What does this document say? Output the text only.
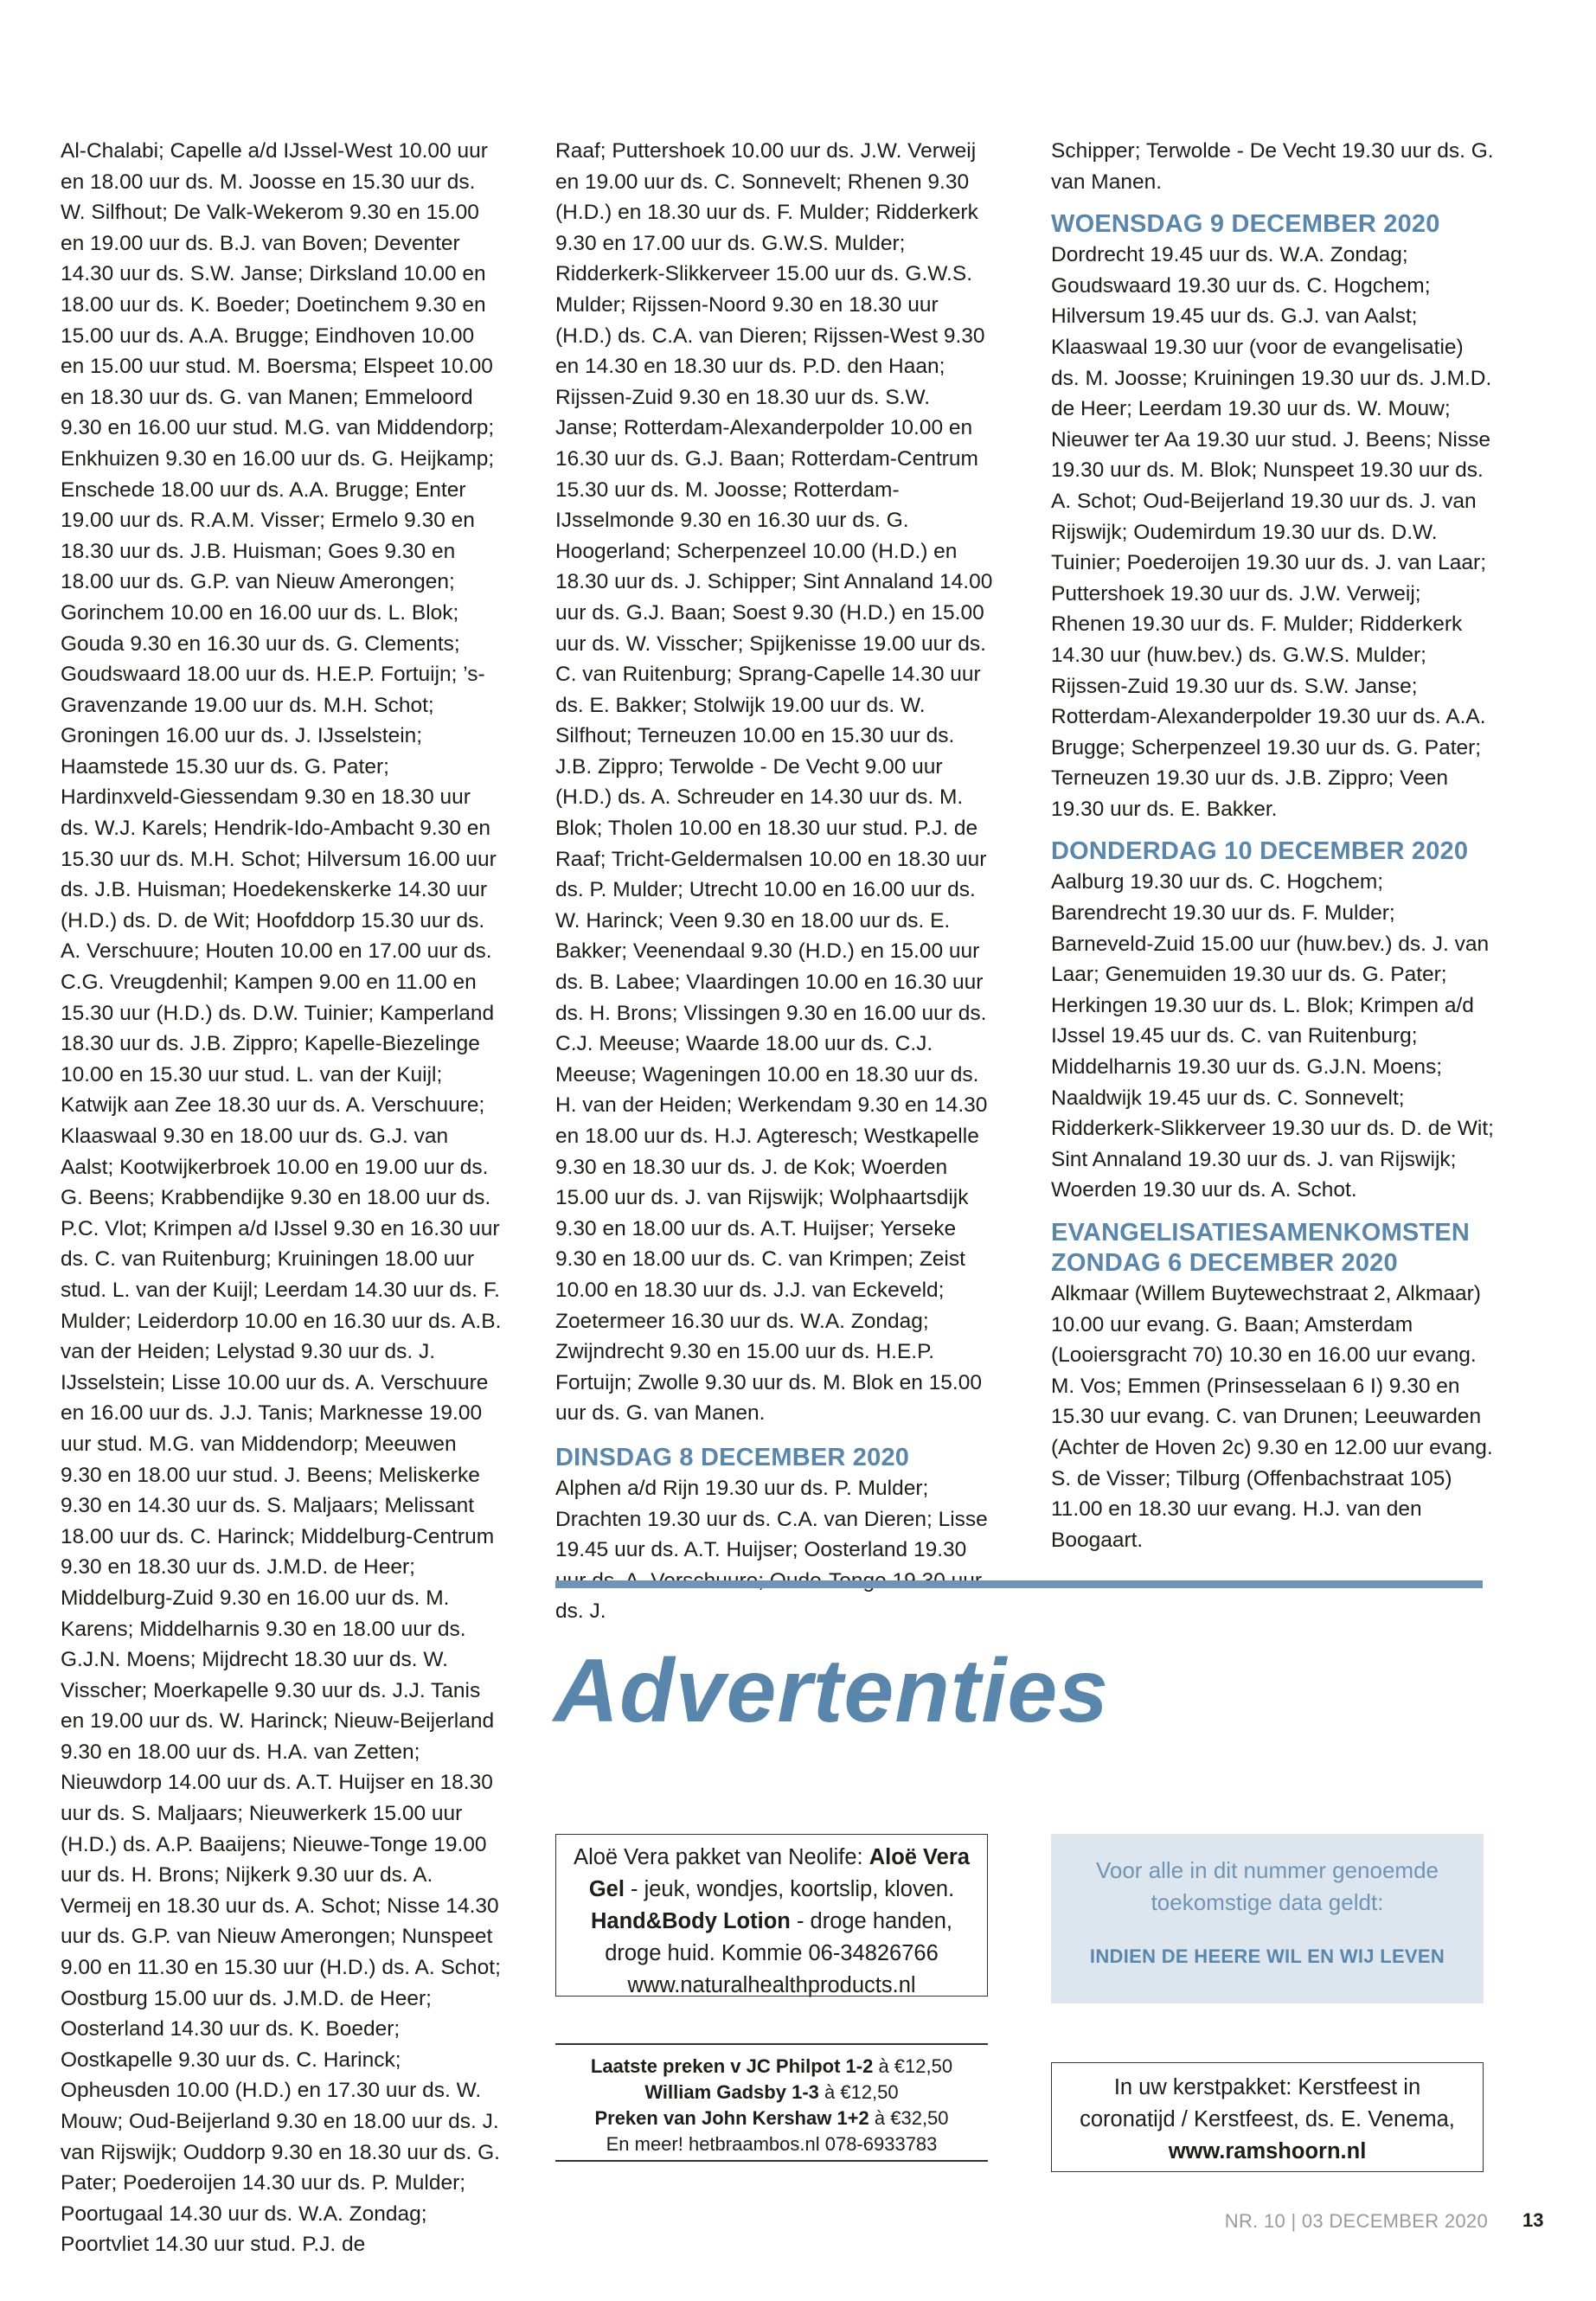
Al-Chalabi; Capelle a/d IJssel-West 10.00 uur en 18.00 uur ds. M. Joosse en 15.30 uur ds. W. Silfhout; De Valk-Wekerom 9.30 en 15.00 en 19.00 uur ds. B.J. van Boven; Deventer 14.30 uur ds. S.W. Janse; Dirksland 10.00 en 18.00 uur ds. K. Boeder; Doetinchem 9.30 en 15.00 uur ds. A.A. Brugge; Eindhoven 10.00 en 15.00 uur stud. M. Boersma; Elspeet 10.00 en 18.30 uur ds. G. van Manen; Emmeloord 9.30 en 16.00 uur stud. M.G. van Middendorp; Enkhuizen 9.30 en 16.00 uur ds. G. Heijkamp; Enschede 18.00 uur ds. A.A. Brugge; Enter 19.00 uur ds. R.A.M. Visser; Ermelo 9.30 en 18.30 uur ds. J.B. Huisman; Goes 9.30 en 18.00 uur ds. G.P. van Nieuw Amerongen; Gorinchem 10.00 en 16.00 uur ds. L. Blok; Gouda 9.30 en 16.30 uur ds. G. Clements; Goudswaard 18.00 uur ds. H.E.P. Fortuijn; ’s-Gravenzande 19.00 uur ds. M.H. Schot; Groningen 16.00 uur ds. J. IJsselstein; Haamstede 15.30 uur ds. G. Pater; Hardinxveld-Giessendam 9.30 en 18.30 uur ds. W.J. Karels; Hendrik-Ido-Ambacht 9.30 en 15.30 uur ds. M.H. Schot; Hilversum 16.00 uur ds. J.B. Huisman; Hoedekenskerke 14.30 uur (H.D.) ds. D. de Wit; Hoofddorp 15.30 uur ds. A. Verschuure; Houten 10.00 en 17.00 uur ds. C.G. Vreugdenhil; Kampen 9.00 en 11.00 en 15.30 uur (H.D.) ds. D.W. Tuinier; Kamperland 18.30 uur ds. J.B. Zippro; Kapelle-Biezelinge 10.00 en 15.30 uur stud. L. van der Kuijl; Katwijk aan Zee 18.30 uur ds. A. Verschuure; Klaaswaal 9.30 en 18.00 uur ds. G.J. van Aalst; Kootwijkerbroek 10.00 en 19.00 uur ds. G. Beens; Krabbendijke 9.30 en 18.00 uur ds. P.C. Vlot; Krimpen a/d IJssel 9.30 en 16.30 uur ds. C. van Ruitenburg; Kruiningen 18.00 uur stud. L. van der Kuijl; Leerdam 14.30 uur ds. F. Mulder; Leiderdorp 10.00 en 16.30 uur ds. A.B. van der Heiden; Lelystad 9.30 uur ds. J. IJsselstein; Lisse 10.00 uur ds. A. Verschuure en 16.00 uur ds. J.J. Tanis; Marknesse 19.00 uur stud. M.G. van Middendorp; Meeuwen 9.30 en 18.00 uur stud. J. Beens; Meliskerke 9.30 en 14.30 uur ds. S. Maljaars; Melissant 18.00 uur ds. C. Harinck; Middelburg-Centrum 9.30 en 18.30 uur ds. J.M.D. de Heer; Middelburg-Zuid 9.30 en 16.00 uur ds. M. Karens; Middelharnis 9.30 en 18.00 uur ds. G.J.N. Moens; Mijdrecht 18.30 uur ds. W. Visscher; Moerkapelle 9.30 uur ds. J.J. Tanis en 19.00 uur ds. W. Harinck; Nieuw-Beijerland 9.30 en 18.00 uur ds. H.A. van Zetten; Nieuwdorp 14.00 uur ds. A.T. Huijser en 18.30 uur ds. S. Maljaars; Nieuwerkerk 15.00 uur (H.D.) ds. A.P. Baaijens; Nieuwe-Tonge 19.00 uur ds. H. Brons; Nijkerk 9.30 uur ds. A. Vermeij en 18.30 uur ds. A. Schot; Nisse 14.30 uur ds. G.P. van Nieuw Amerongen; Nunspeet 9.00 en 11.30 en 15.30 uur (H.D.) ds. A. Schot; Oostburg 15.00 uur ds. J.M.D. de Heer; Oosterland 14.30 uur ds. K. Boeder; Oostkapelle 9.30 uur ds. C. Harinck; Opheusden 10.00 (H.D.) en 17.30 uur ds. W. Mouw; Oud-Beijerland 9.30 en 18.00 uur ds. J. van Rijswijk; Ouddorp 9.30 en 18.30 uur ds. G. Pater; Poederoijen 14.30 uur ds. P. Mulder; Poortugaal 14.30 uur ds. W.A. Zondag; Poortvliet 14.30 uur stud. P.J. de

Raaf; Puttershoek 10.00 uur ds. J.W. Verweij en 19.00 uur ds. C. Sonnevelt; Rhenen 9.30 (H.D.) en 18.30 uur ds. F. Mulder; Ridderkerk 9.30 en 17.00 uur ds. G.W.S. Mulder; Ridderkerk-Slikkerveer 15.00 uur ds. G.W.S. Mulder; Rijssen-Noord 9.30 en 18.30 uur (H.D.) ds. C.A. van Dieren; Rijssen-West 9.30 en 14.30 en 18.30 uur ds. P.D. den Haan; Rijssen-Zuid 9.30 en 18.30 uur ds. S.W. Janse; Rotterdam-Alexanderpolder 10.00 en 16.30 uur ds. G.J. Baan; Rotterdam-Centrum 15.30 uur ds. M. Joosse; Rotterdam-IJsselmonde 9.30 en 16.30 uur ds. G. Hoogerland; Scherpenzeel 10.00 (H.D.) en 18.30 uur ds. J. Schipper; Sint Annaland 14.00 uur ds. G.J. Baan; Soest 9.30 (H.D.) en 15.00 uur ds. W. Visscher; Spijkenisse 19.00 uur ds. C. van Ruitenburg; Sprang-Capelle 14.30 uur ds. E. Bakker; Stolwijk 19.00 uur ds. W. Silfhout; Terneuzen 10.00 en 15.30 uur ds. J.B. Zippro; Terwolde - De Vecht 9.00 uur (H.D.) ds. A. Schreuder en 14.30 uur ds. M. Blok; Tholen 10.00 en 18.30 uur stud. P.J. de Raaf; Tricht-Geldermalsen 10.00 en 18.30 uur ds. P. Mulder; Utrecht 10.00 en 16.00 uur ds. W. Harinck; Veen 9.30 en 18.00 uur ds. E. Bakker; Veenendaal 9.30 (H.D.) en 15.00 uur ds. B. Labee; Vlaardingen 10.00 en 16.30 uur ds. H. Brons; Vlissingen 9.30 en 16.00 uur ds. C.J. Meeuse; Waarde 18.00 uur ds. C.J. Meeuse; Wageningen 10.00 en 18.30 uur ds. H. van der Heiden; Werkendam 9.30 en 14.30 en 18.00 uur ds. H.J. Agteresch; Westkapelle 9.30 en 18.30 uur ds. J. de Kok; Woerden 15.00 uur ds. J. van Rijswijk; Wolphaartsdijk 9.30 en 18.00 uur ds. A.T. Huijser; Yerseke 9.30 en 18.00 uur ds. C. van Krimpen; Zeist 10.00 en 18.30 uur ds. J.J. van Eckeveld; Zoetermeer 16.30 uur ds. W.A. Zondag; Zwijndrecht 9.30 en 15.00 uur ds. H.E.P. Fortuijn; Zwolle 9.30 uur ds. M. Blok en 15.00 uur ds. G. van Manen.

DINSDAG 8 DECEMBER 2020

Alphen a/d Rijn 19.30 uur ds. P. Mulder; Drachten 19.30 uur ds. C.A. van Dieren; Lisse 19.45 uur ds. A.T. Huijser; Oosterland 19.30 ds. J.

Schipper; Terwolde - De Vecht 19.30 uur ds. G. van Manen.

WOENSDAG 9 DECEMBER 2020

Dordrecht 19.45 uur ds. W.A. Zondag; Goudswaard 19.30 uur ds. C. Hogchem; Hilversum 19.45 uur ds. G.J. van Aalst; Klaaswaal 19.30 uur (voor de evangelisatie) ds. M. Joosse; Kruiningen 19.30 uur ds. J.M.D. de Heer; Leerdam 19.30 uur ds. W. Mouw; Nieuwer ter Aa 19.30 uur stud. J. Beens; Nisse 19.30 uur ds. M. Blok; Nunspeet 19.30 uur ds. A. Schot; Oud-Beijerland 19.30 uur ds. J. van Rijswijk; Oudemirdum 19.30 uur ds. D.W. Tuinier; Poederoijen 19.30 uur ds. J. van Laar; Puttershoek 19.30 uur ds. J.W. Verweij; Rhenen 19.30 uur ds. F. Mulder; Ridderkerk 14.30 uur (huw.bev.) ds. G.W.S. Mulder; Rijssen-Zuid 19.30 uur ds. S.W. Janse; Rotterdam-Alexanderpolder 19.30 uur ds. A.A. Brugge; Scherpenzeel 19.30 uur ds. G. Pater; Terneuzen 19.30 uur ds. J.B. Zippro; Veen 19.30 uur ds. E. Bakker.

DONDERDAG 10 DECEMBER 2020

Aalburg 19.30 uur ds. C. Hogchem; Barendrecht 19.30 uur ds. F. Mulder; Barneveld-Zuid 15.00 uur (huw.bev.) ds. J. van Laar; Genemuiden 19.30 uur ds. G. Pater; Herkingen 19.30 uur ds. L. Blok; Krimpen a/d IJssel 19.45 uur ds. C. van Ruitenburg; Middelharnis 19.30 uur ds. G.J.N. Moens; Naaldwijk 19.45 uur ds. C. Sonnevelt; Ridderkerk-Slikkerveer 19.30 uur ds. D. de Wit; Sint Annaland 19.30 uur ds. J. van Rijswijk; Woerden 19.30 uur ds. A. Schot.

EVANGELISATIESAMENKOMSTEN
ZONDAG 6 DECEMBER 2020

Alkmaar (Willem Buytewechstraat 2, Alkmaar) 10.00 uur evang. G. Baan; Amsterdam (Looiersgracht 70) 10.30 en 16.00 uur evang. M. Vos; Emmen (Prinsesselaan 6 I) 9.30 en 15.30 uur evang. C. van Drunen; Leeuwarden (Achter de Hoven 2c) 9.30 en 12.00 uur evang. S. de Visser; Tilburg (Offenbachstraat 105) 11.00 en 18.30 uur evang. H.J. van den Boogaart.

Advertenties
Aloë Vera pakket van Neolife: Aloë Vera
Gel - jeuk, wondjes, koortslip, kloven.
Hand&Body Lotion - droge handen,
droge huid. Kommie 06-34826766
www.naturalhealthproducts.nl
Laatste preken v JC Philpot 1-2 à €12,50
William Gadsby 1-3 à €12,50
Preken van John Kershaw 1+2 à €32,50
En meer! hetbraambos.nl 078-6933783
Voor alle in dit nummer genoemde toekomstige data geldt:
INDIEN DE HEERE WIL EN WIJ LEVEN
In uw kerstpakket: Kerstfeest in
coronatijd / Kerstfeest, ds. E. Venema,
www.ramshoorn.nl
NR. 10 | 03 DECEMBER 2020 13
